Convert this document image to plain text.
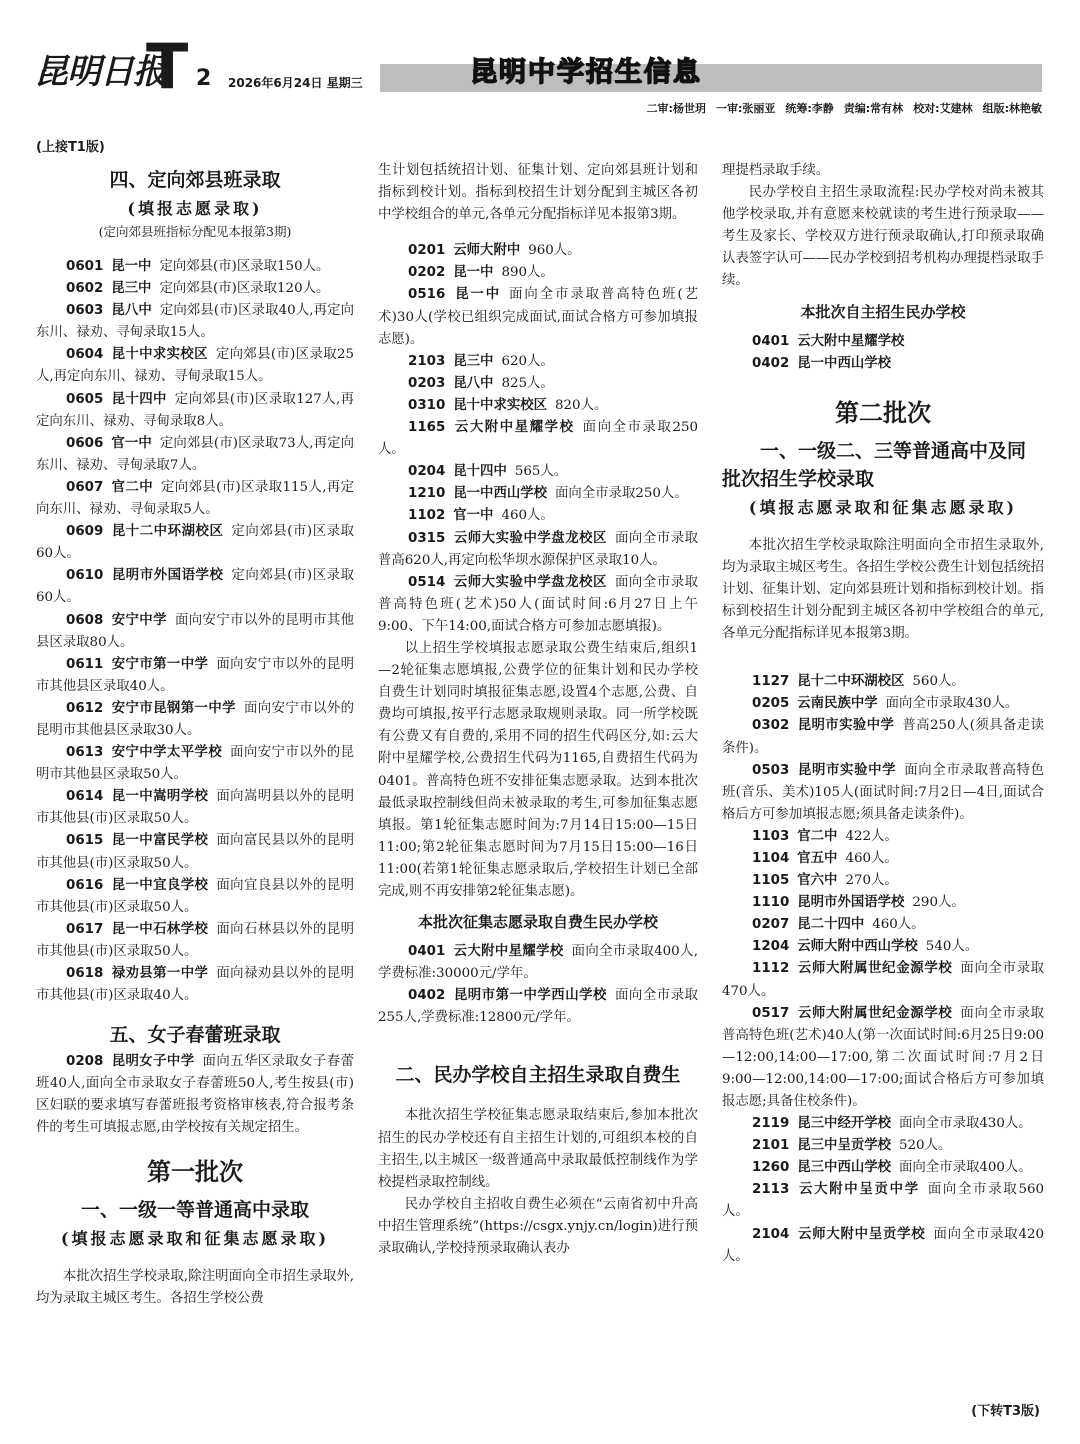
昆明日报
T 2 2026年6月24日 星期三	昆明中学招生信息
二审:杨世玥 一审:张丽亚 统筹:李静 责编:常有林 校对:艾建林 组版:林艳敏
(上接T1版)
四、定向郊县班录取
(填报志愿录取)
(定向郊县班指标分配见本报第3期)

0601 昆一中 定向郊县(市)区录取150人。

0602 昆三中 定向郊县(市)区录取120人。

0603 昆八中 定向郊县(市)区录取40人,再定向东川、禄劝、寻甸录取15人。

0604 昆十中求实校区 定向郊县(市)区录取25人,再定向东川、禄劝、寻甸录取15人。

0605 昆十四中 定向郊县(市)区录取127人,再定向东川、禄劝、寻甸录取8人。

0606 官一中 定向郊县(市)区录取73人,再定向东川、禄劝、寻甸录取7人。

0607 官二中 定向郊县(市)区录取115人,再定向东川、禄劝、寻甸录取5人。

0609 昆十二中环湖校区 定向郊县(市)区录取60人。

0610 昆明市外国语学校 定向郊县(市)区录取60人。

0608 安宁中学 面向安宁市以外的昆明市其他县区录取80人。

0611 安宁市第一中学 面向安宁市以外的昆明市其他县区录取40人。

0612 安宁市昆钢第一中学 面向安宁市以外的昆明市其他县区录取30人。

0613 安宁中学太平学校 面向安宁市以外的昆明市其他县区录取50人。

0614 昆一中嵩明学校 面向嵩明县以外的昆明市其他县(市)区录取50人。

0615 昆一中富民学校 面向富民县以外的昆明市其他县(市)区录取50人。

0616 昆一中宜良学校 面向宜良县以外的昆明市其他县(市)区录取50人。

0617 昆一中石林学校 面向石林县以外的昆明市其他县(市)区录取50人。

0618 禄劝县第一中学 面向禄劝县以外的昆明市其他县(市)区录取40人。

五、女子春蕾班录取

0208 昆明女子中学 面向五华区录取女子春蕾班40人,面向全市录取女子春蕾班50人,考生按县(市)区妇联的要求填写春蕾班报考资格审核表,符合报考条件的考生可填报志愿,由学校按有关规定招生。

第一批次
一、一级一等普通高中录取
(填报志愿录取和征集志愿录取)

本批次招生学校录取,除注明面向全市招生录取外,均为录取主城区考生。各招生学校公费

生计划包括统招计划、征集计划、定向郊县班计划和指标到校计划。指标到校招生计划分配到主城区各初中学校组合的单元,各单元分配指标详见本报第3期。

0201 云师大附中 960人。

0202 昆一中 890人。

0516 昆一中 面向全市录取普高特色班(艺术)30人(学校已组织完成面试,面试合格方可参加填报志愿)。

2103 昆三中 620人。

0203 昆八中 825人。

0310 昆十中求实校区 820人。

1165 云大附中星耀学校 面向全市录取250人。

0204 昆十四中 565人。

1210 昆一中西山学校 面向全市录取250人。

1102 官一中 460人。

0315 云师大实验中学盘龙校区 面向全市录取普高620人,再定向松华坝水源保护区录取10人。

0514 云师大实验中学盘龙校区 面向全市录取普高特色班(艺术)50人(面试时间:6月27日上午9:00、下午14:00,面试合格方可参加志愿填报)。

以上招生学校填报志愿录取公费生结束后,组织1—2轮征集志愿填报,公费学位的征集计划和民办学校自费生计划同时填报征集志愿,设置4个志愿,公费、自费均可填报,按平行志愿录取规则录取。同一所学校既有公费又有自费的,采用不同的招生代码区分,如:云大附中星耀学校,公费招生代码为1165,自费招生代码为0401。普高特色班不安排征集志愿录取。达到本批次最低录取控制线但尚未被录取的考生,可参加征集志愿填报。第1轮征集志愿时间为:7月14日15:00—15日11:00;第2轮征集志愿时间为7月15日15:00—16日11:00(若第1轮征集志愿录取后,学校招生计划已全部完成,则不再安排第2轮征集志愿)。

本批次征集志愿录取自费生民办学校

0401 云大附中星耀学校 面向全市录取400人,学费标准:30000元/学年。

0402 昆明市第一中学西山学校 面向全市录取255人,学费标准:12800元/学年。

二、民办学校自主招生录取自费生

本批次招生学校征集志愿录取结束后,参加本批次招生的民办学校还有自主招生计划的,可组织本校的自主招生,以主城区一级普通高中录取最低控制线作为学校提档录取控制线。

民办学校自主招收自费生必须在“云南省初中升高中招生管理系统”(https://csgx.ynjy.cn/login)进行预录取确认,学校持预录取确认表办

理提档录取手续。

民办学校自主招生录取流程:民办学校对尚未被其他学校录取,并有意愿来校就读的考生进行预录取——考生及家长、学校双方进行预录取确认,打印预录取确认表签字认可——民办学校到招考机构办理提档录取手续。

本批次自主招生民办学校

0401 云大附中星耀学校

0402 昆一中西山学校

第二批次
一、一级二、三等普通高中及同批次招生学校录取
(填报志愿录取和征集志愿录取)

本批次招生学校录取除注明面向全市招生录取外,均为录取主城区考生。各招生学校公费生计划包括统招计划、征集计划、定向郊县班计划和指标到校计划。指标到校招生计划分配到主城区各初中学校组合的单元,各单元分配指标详见本报第3期。

1127 昆十二中环湖校区 560人。

0205 云南民族中学 面向全市录取430人。

0302 昆明市实验中学 普高250人(须具备走读条件)。

0503 昆明市实验中学 面向全市录取普高特色班(音乐、美术)105人(面试时间:7月2日—4日,面试合格后方可参加填报志愿;须具备走读条件)。

1103 官二中 422人。

1104 官五中 460人。

1105 官六中 270人。

1110 昆明市外国语学校 290人。

0207 昆二十四中 460人。

1204 云师大附中西山学校 540人。

1112 云师大附属世纪金源学校 面向全市录取470人。

0517 云师大附属世纪金源学校 面向全市录取普高特色班(艺术)40人(第一次面试时间:6月25日9:00—12:00,14:00—17:00,第二次面试时间:7月2日9:00—12:00,14:00—17:00;面试合格后方可参加填报志愿;具备住校条件)。

2119 昆三中经开学校 面向全市录取430人。

2101 昆三中呈贡学校 520人。

1260 昆三中西山学校 面向全市录取400人。

2113 云大附中呈贡中学 面向全市录取560人。

2104 云师大附中呈贡学校 面向全市录取420人。

(下转T3版)
